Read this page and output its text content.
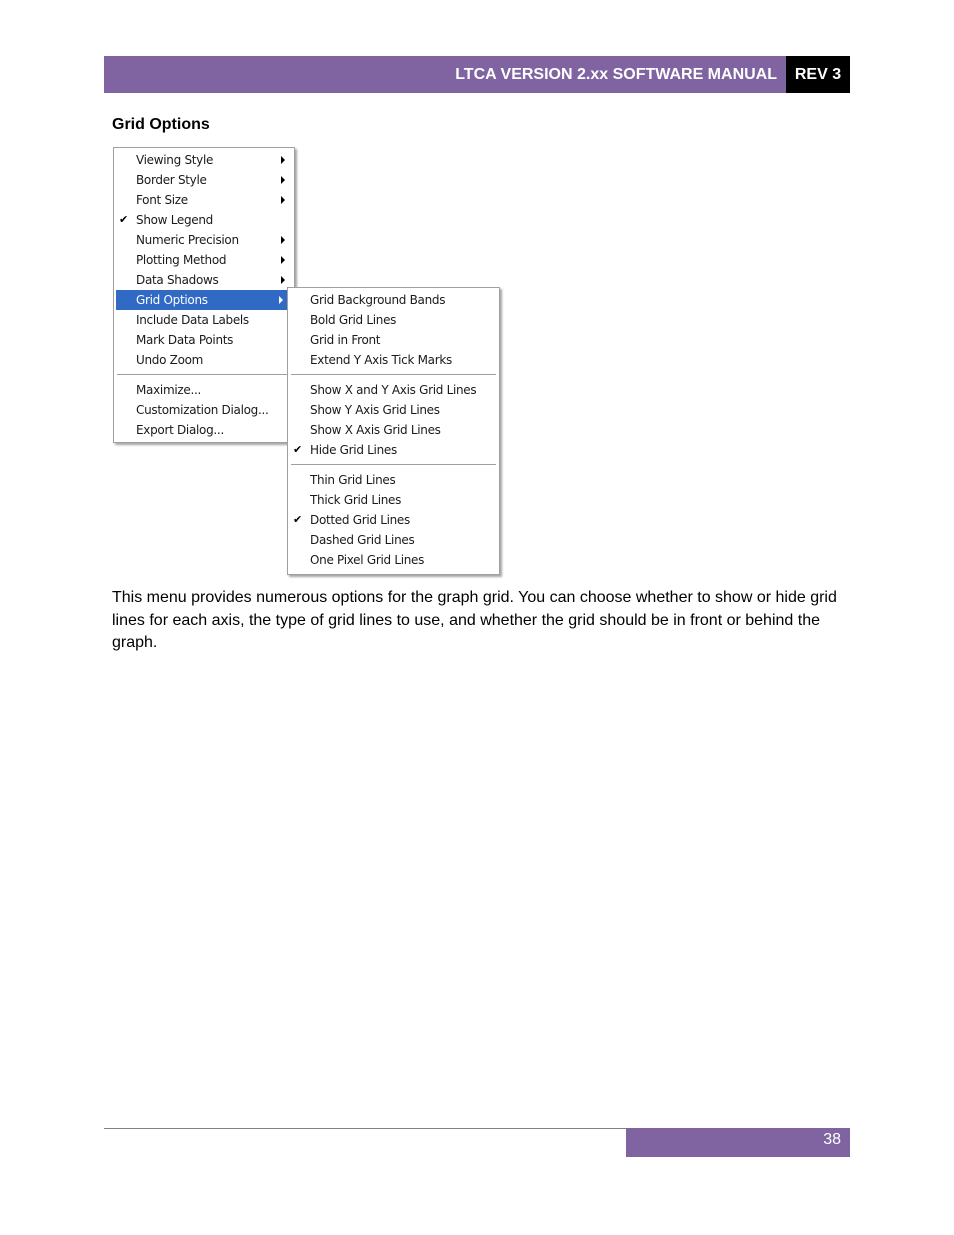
LTCA VERSION 2.xx SOFTWARE MANUAL REV 3
Grid Options
Viewing Style
Border Style
Font Size
✔ Show Legend
Numeric Precision
Plotting Method
Data Shadows
Grid Options
Include Data Labels
Mark Data Points
Undo Zoom
Maximize...
Customization Dialog...
Export Dialog...
Grid Background Bands
Bold Grid Lines
Grid in Front
Extend Y Axis Tick Marks
Show X and Y Axis Grid Lines
Show Y Axis Grid Lines
Show X Axis Grid Lines
✔ Hide Grid Lines
Thin Grid Lines
Thick Grid Lines
✔ Dotted Grid Lines
Dashed Grid Lines
One Pixel Grid Lines
This menu provides numerous options for the graph grid. You can choose whether to show or hide grid lines for each axis, the type of grid lines to use, and whether the grid should be in front or behind the graph.
38
